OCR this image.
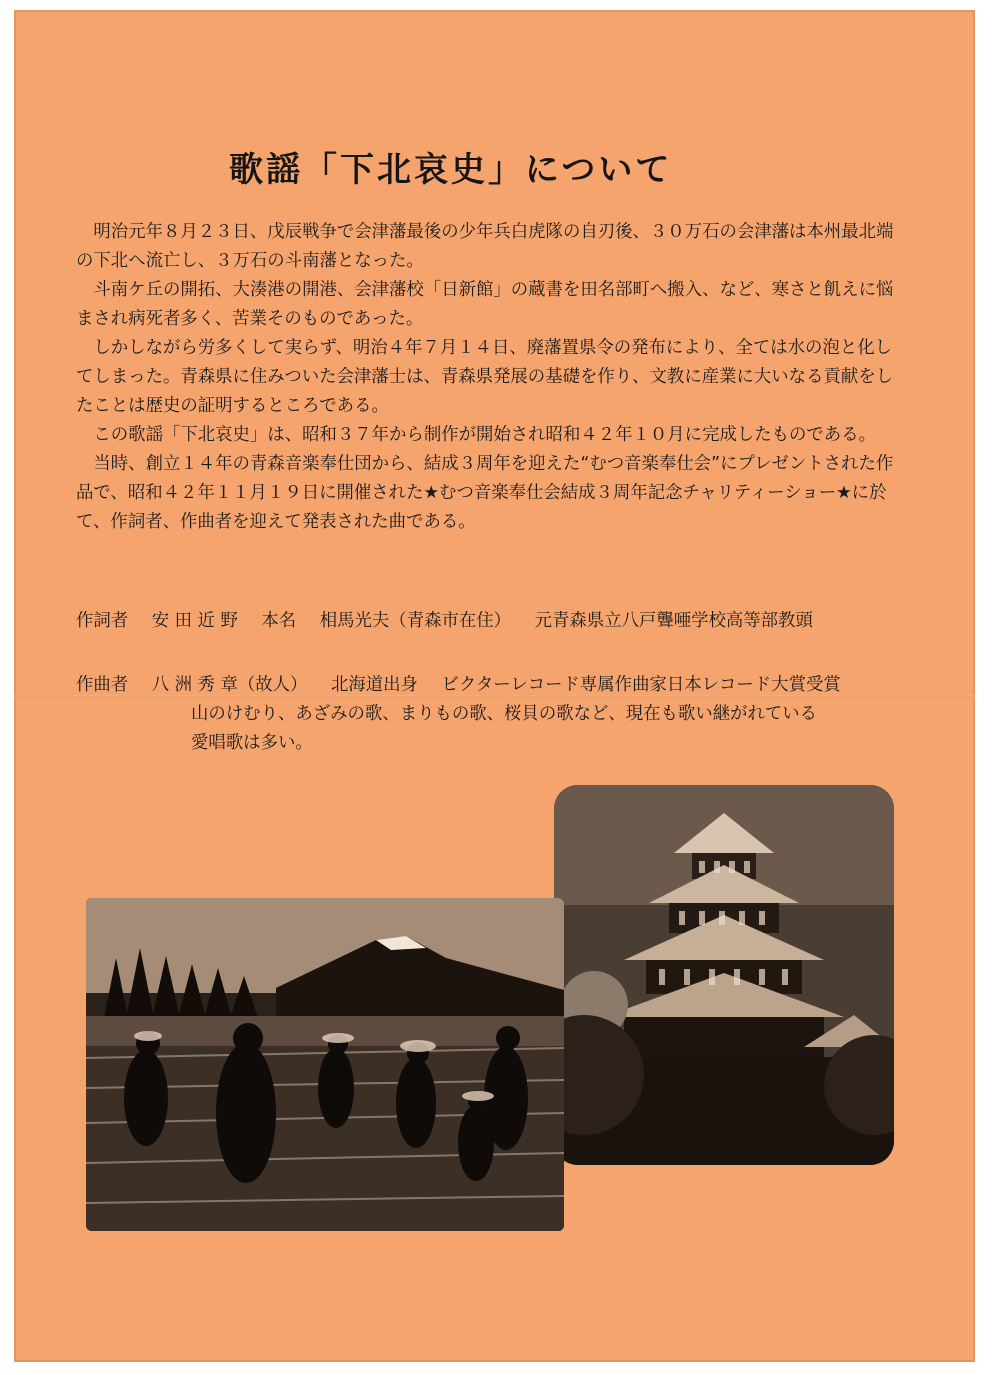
歌謡「下北哀史」について

明治元年８月２３日、戊辰戦争で会津藩最後の少年兵白虎隊の自刃後、３０万石の会津藩は本州最北端の下北へ流亡し、３万石の斗南藩となった。

斗南ケ丘の開拓、大湊港の開港、会津藩校「日新館」の蔵書を田名部町へ搬入、など、寒さと飢えに悩まされ病死者多く、苦業そのものであった。

しかしながら労多くして実らず、明治４年７月１４日、廃藩置県令の発布により、全ては水の泡と化してしまった。青森県に住みついた会津藩士は、青森県発展の基礎を作り、文教に産業に大いなる貢献をしたことは歴史の証明するところである。

この歌謡「下北哀史」は、昭和３７年から制作が開始され昭和４２年１０月に完成したものである。

当時、創立１４年の青森音楽奉仕団から、結成３周年を迎えた“むつ音楽奉仕会”にプレゼントされた作品で、昭和４２年１１月１９日に開催された★むつ音楽奉仕会結成３周年記念チャリティーショー★に於て、作詞者、作曲者を迎えて発表された曲である。

作詞者 安 田 近 野 本名 相馬光夫（青森市在住） 元青森県立八戸聾唖学校高等部教頭
作曲者 八 洲 秀 章（故人） 北海道出身 ビクターレコード専属作曲家日本レコード大賞受賞
山のけむり、あざみの歌、まりもの歌、桜貝の歌など、現在も歌い継がれている
愛唱歌は多い。
